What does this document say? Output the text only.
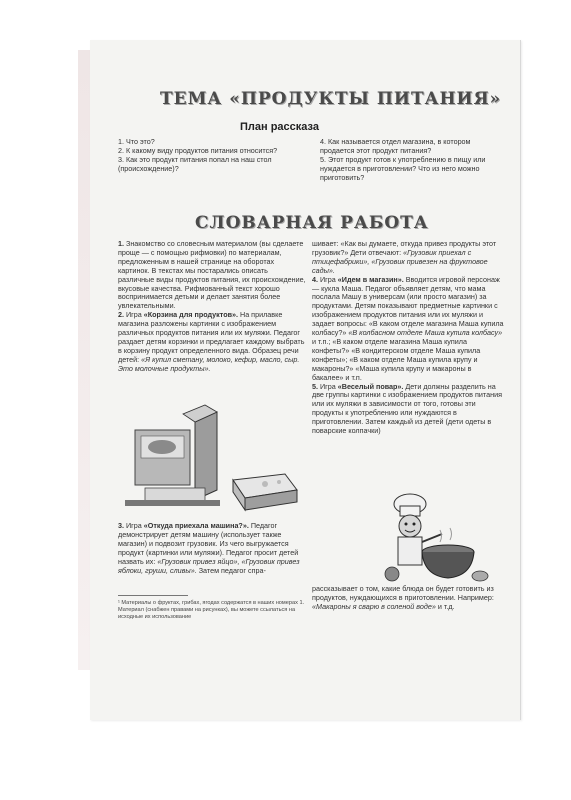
ТЕМА «ПРОДУКТЫ ПИТАНИЯ»
План рассказа

1. Что это?

2. К какому виду продуктов питания относится?

3. Как это продукт питания попал на наш стол (происхождение)?

4. Как называется отдел магазина, в котором продается этот продукт питания?

5. Этот продукт готов к употреблению в пищу или нуждается в приготовлении? Что из него можно приготовить?

СЛОВАРНАЯ РАБОТА

1. Знакомство со словесным материалом (вы сделаете проще — с помощью рифмовки) по материалам, предложенным в нашей странице на оборотах картинок. В текстах мы постарались описать различные виды продуктов питания, их происхождение, вкусовые качества. Рифмованный текст хорошо воспринимается детьми и делает занятия более увлекательными.

2. Игра «Корзина для продуктов». На прилавке магазина разложены картинки с изображением различных продуктов питания или их муляжи. Педагог раздает детям корзинки и предлагает каждому выбрать в корзину продукт определенного вида. Образец речи детей: «Я купил сметану, молоко, кефир, масло, сыр. Это молочные продукты».

3. Игра «Откуда приехала машина?». Педагог демонстрирует детям машину (использует также магазин) и подвозит грузовик. Из чего выгружается продукт (картинки или муляжи). Педагог просит детей назвать их: «Грузовик привез яйцо», «Грузовик привез яблоки, груши, сливы». Затем педагог спра-

¹ Материалы о фруктах, грибах, ягодах содержатся в наших номерах 1. Материал (снабжен правами на рисунках), вы можете ссылаться на исходные их использование

шивает: «Как вы думаете, откуда привез продукты этот грузовик?» Дети отвечают: «Грузовик приехал с птицефабрики», «Грузовик привезен на фруктовое сады».

4. Игра «Идем в магазин». Вводится игровой персонаж — кукла Маша. Педагог объявляет детям, что мама послала Машу в универсам (или просто магазин) за продуктами. Детям показывают предметные картинки с изображением продуктов питания или их муляжи и задает вопросы: «В каком отделе магазина Маша купила колбасу?» «В колбасном отделе Маша купила колбасу» и т.п.; «В каком отделе магазина Маша купила конфеты?» «В кондитерском отделе Маша купила конфеты»; «В каком отделе Маша купила крупу и макароны?» «Маша купила крупу и макароны в бакалее» и т.п.

5. Игра «Веселый повар». Дети должны разделить на две группы картинки с изображением продуктов питания или их муляжи в зависимости от того, готовы эти продукты к употреблению или нуждаются в приготовлении. Затем каждый из детей (дети одеты в поварские колпачки)

рассказывает о том, какие блюда он будет готовить из продуктов, нуждающихся в приготовлении. Например: «Макароны я сварю в соленой воде» и т.д.
